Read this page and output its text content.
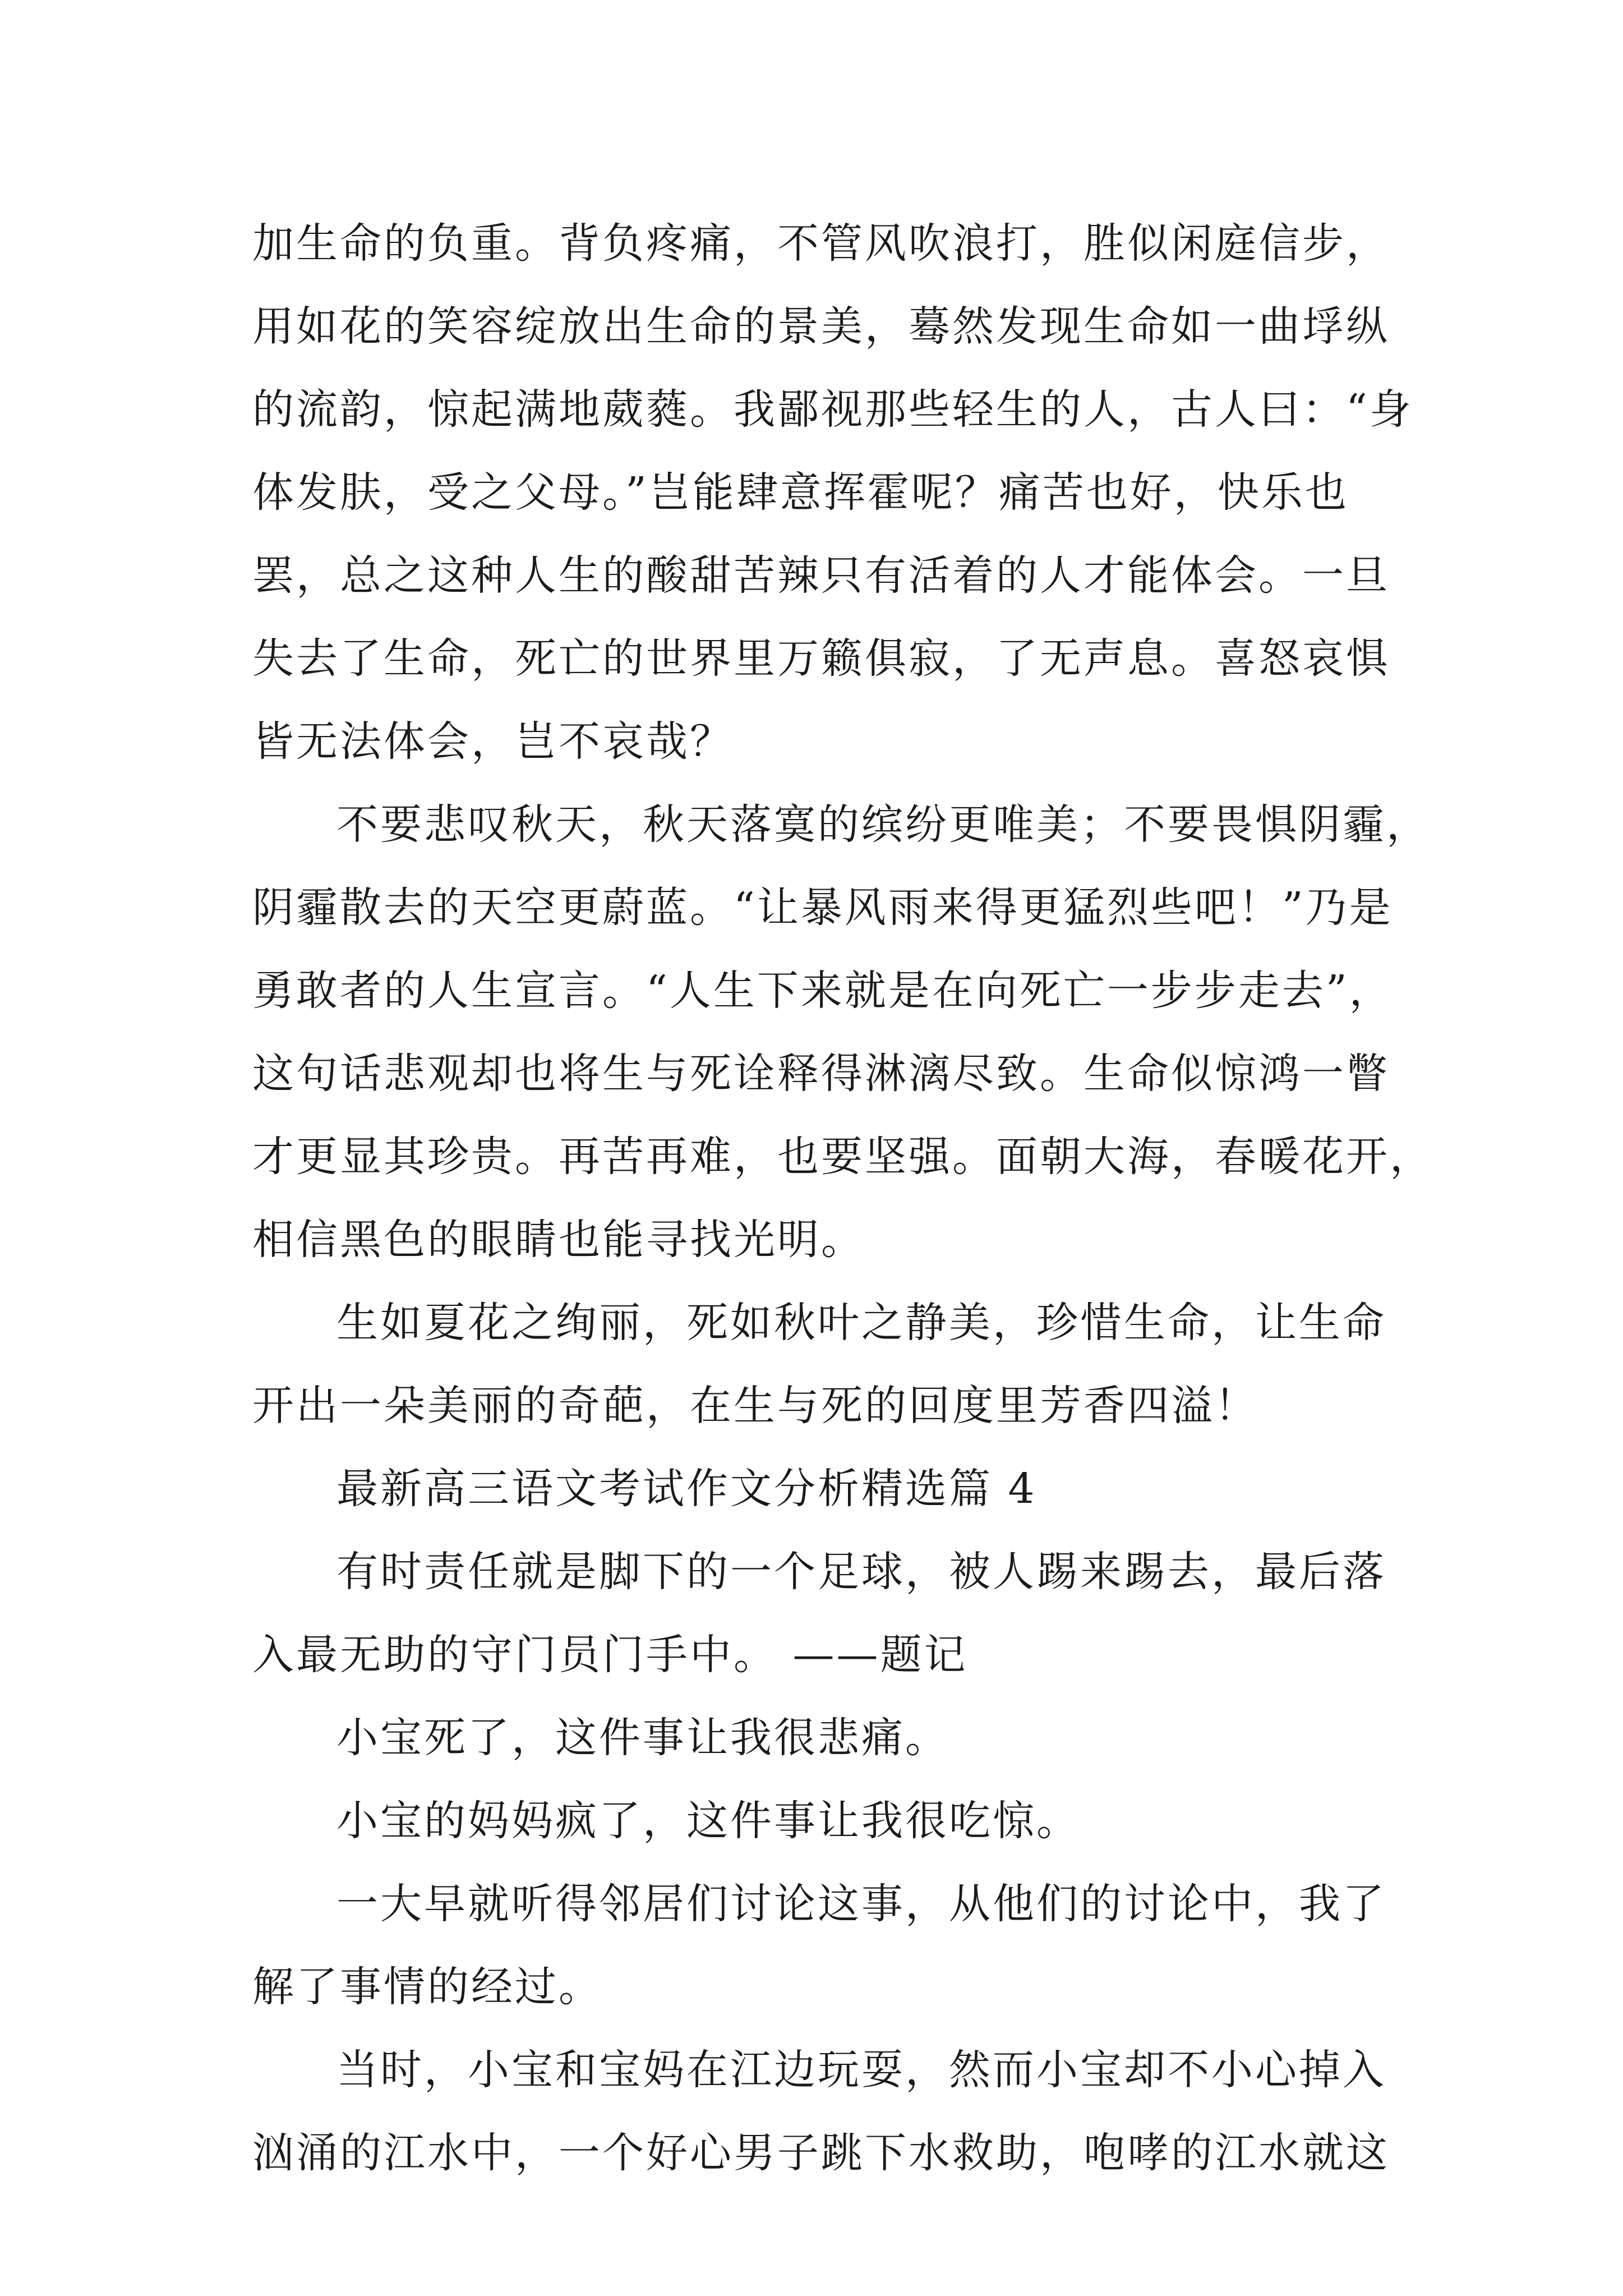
加生命的负重。背负疼痛，不管风吹浪打，胜似闲庭信步，
用如花的笑容绽放出生命的景美，蓦然发现生命如一曲垺纵
的流韵，惊起满地葳蕤。我鄙视那些轻生的人，古人曰：“身
体发肤，受之父母。”岂能肆意挥霍呢？痛苦也好，快乐也
罢，总之这种人生的酸甜苦辣只有活着的人才能体会。一旦
失去了生命，死亡的世界里万籁俱寂，了无声息。喜怒哀惧
皆无法体会，岂不哀哉？
不要悲叹秋天，秋天落寞的缤纷更唯美；不要畏惧阴霾，
阴霾散去的天空更蔚蓝。“让暴风雨来得更猛烈些吧！”乃是
勇敢者的人生宣言。“人生下来就是在向死亡一步步走去”，
这句话悲观却也将生与死诠释得淋漓尽致。生命似惊鸿一瞥
才更显其珍贵。再苦再难，也要坚强。面朝大海，春暖花开，
相信黑色的眼睛也能寻找光明。
生如夏花之绚丽，死如秋叶之静美，珍惜生命，让生命
开出一朵美丽的奇葩，在生与死的回度里芳香四溢！
最新高三语文考试作文分析精选篇 4
有时责任就是脚下的一个足球，被人踢来踢去，最后落
入最无助的守门员门手中。 ——题记
小宝死了，这件事让我很悲痛。
小宝的妈妈疯了，这件事让我很吃惊。
一大早就听得邻居们讨论这事，从他们的讨论中，我了
解了事情的经过。
当时，小宝和宝妈在江边玩耍，然而小宝却不小心掉入
汹涌的江水中，一个好心男子跳下水救助，咆哮的江水就这
